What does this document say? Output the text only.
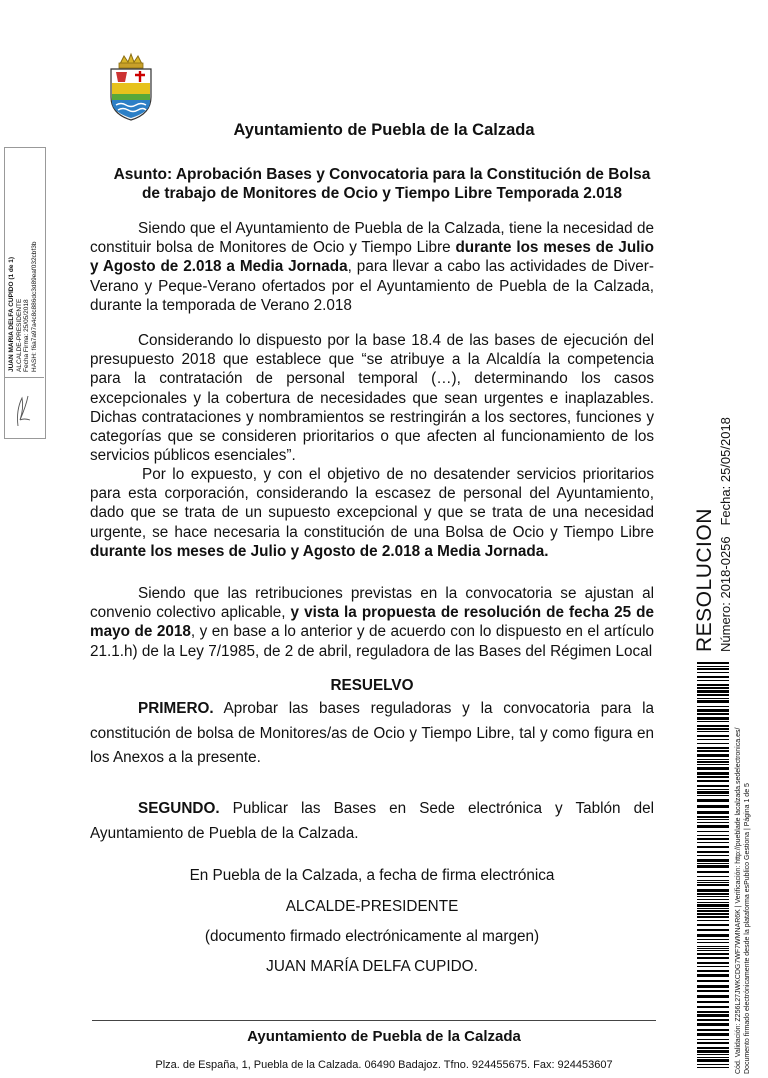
Ayuntamiento de Puebla de la Calzada
Asunto: Aprobación Bases y Convocatoria para la Constitución de Bolsa
de trabajo de Monitores de Ocio y Tiempo Libre Temporada 2.018
Siendo que el Ayuntamiento de Puebla de la Calzada, tiene la necesidad de constituir bolsa de Monitores de Ocio y Tiempo Libre durante los meses de Julio y Agosto de 2.018 a Media Jornada, para llevar a cabo las actividades de Diver-Verano y Peque-Verano ofertados por el Ayuntamiento de Puebla de la Calzada, durante la temporada de Verano 2.018
Considerando lo dispuesto por la base 18.4 de las bases de ejecución del presupuesto 2018 que establece que “se atribuye a la Alcaldía la competencia para la contratación de personal temporal (…), determinando los casos excepcionales y la cobertura de necesidades que sean urgentes e inaplazables. Dichas contrataciones y nombramientos se restringirán a los sectores, funciones y categorías que se consideren prioritarios o que afecten al funcionamiento de los servicios públicos esenciales”.
Por lo expuesto, y con el objetivo de no desatender servicios prioritarios para esta corporación, considerando la escasez de personal del Ayuntamiento, dado que se trata de un supuesto excepcional y que se trata de una necesidad urgente, se hace necesaria la constitución de una Bolsa de Ocio y Tiempo Libre durante los meses de Julio y Agosto de 2.018 a Media Jornada.
Siendo que las retribuciones previstas en la convocatoria se ajustan al convenio colectivo aplicable, y vista la propuesta de resolución de fecha 25 de mayo de 2018, y en base a lo anterior y de acuerdo con lo dispuesto en el artículo 21.1.h) de la Ley 7/1985, de 2 de abril, reguladora de las Bases del Régimen Local
RESUELVO
PRIMERO. Aprobar las bases reguladoras y la convocatoria para la constitución de bolsa de Monitores/as de Ocio y Tiempo Libre, tal y como figura en los Anexos a la presente.
SEGUNDO. Publicar las Bases en Sede electrónica y Tablón del Ayuntamiento de Puebla de la Calzada.
En Puebla de la Calzada, a fecha de firma electrónica
ALCALDE-PRESIDENTE
(documento firmado electrónicamente al margen)
JUAN MARÍA DELFA CUPIDO.
Ayuntamiento de Puebla de la Calzada
Plza. de España, 1, Puebla de la Calzada. 06490 Badajoz. Tfno. 924455675. Fax: 924453607
JUAN MARIA DELFA CUPIDO (1 de 1) ALCALDE-PRESIDENTE Fecha Firma: 25/05/2018 HASH: f6a7a97a4c8c886dc3d89eaf032cbf3b
RESOLUCION Número: 2018-0256   Fecha: 25/05/2018
Cód. Validación: Z256L27JWKCDG7WF7WMNAR6K | Verificación: http://pueblade lacalzada.sedelectronica.es/ Documento firmado electrónicamente desde la plataforma esPublico Gestiona | Página 1 de 5
